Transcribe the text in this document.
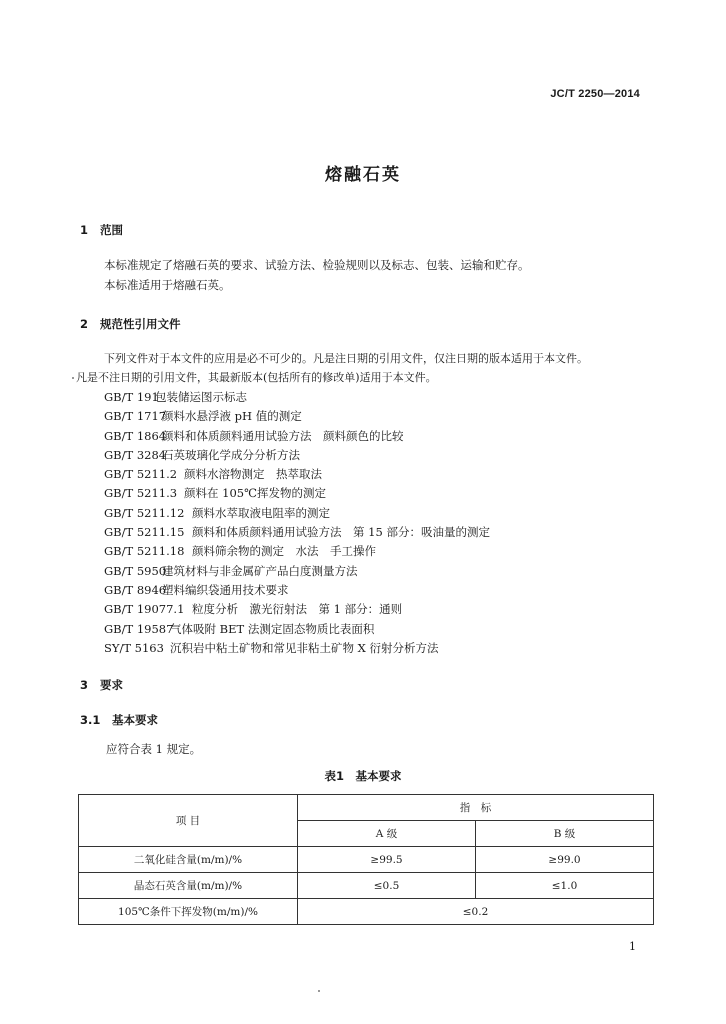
JC/T 2250—2014
熔融石英
1 范围
本标准规定了熔融石英的要求、试验方法、检验规则以及标志、包装、运输和贮存。
本标准适用于熔融石英。
2 规范性引用文件
下列文件对于本文件的应用是必不可少的。凡是注日期的引用文件，仅注日期的版本适用于本文件。
凡是不注日期的引用文件，其最新版本(包括所有的修改单)适用于本文件。
GB/T 191包装储运图示标志
GB/T 1717颜料水悬浮液 pH 值的测定
GB/T 1864颜料和体质颜料通用试验方法　颜料颜色的比较
GB/T 3284石英玻璃化学成分分析方法
GB/T 5211.2 颜料水溶物测定　热萃取法
GB/T 5211.3 颜料在 105℃挥发物的测定
GB/T 5211.12 颜料水萃取液电阻率的测定
GB/T 5211.15 颜料和体质颜料通用试验方法　第 15 部分：吸油量的测定
GB/T 5211.18 颜料筛余物的测定　水法　手工操作
GB/T 5950建筑材料与非金属矿产品白度测量方法
GB/T 8946塑料编织袋通用技术要求
GB/T 19077.1 粒度分析　激光衍射法　第 1 部分：通则
GB/T 19587气体吸附 BET 法测定固态物质比表面积
SY/T 5163 沉积岩中粘土矿物和常见非粘土矿物 X 衍射分析方法
3 要求
3.1 基本要求
应符合表 1 规定。
表1　基本要求
项 目	指　标	
	A 级	B 级
二氧化硅含量(m/m)/%	≥99.5	≥99.0
晶态石英含量(m/m)/%	≤0.5	≤1.0
105℃条件下挥发物(m/m)/%	≤0.2	
1
